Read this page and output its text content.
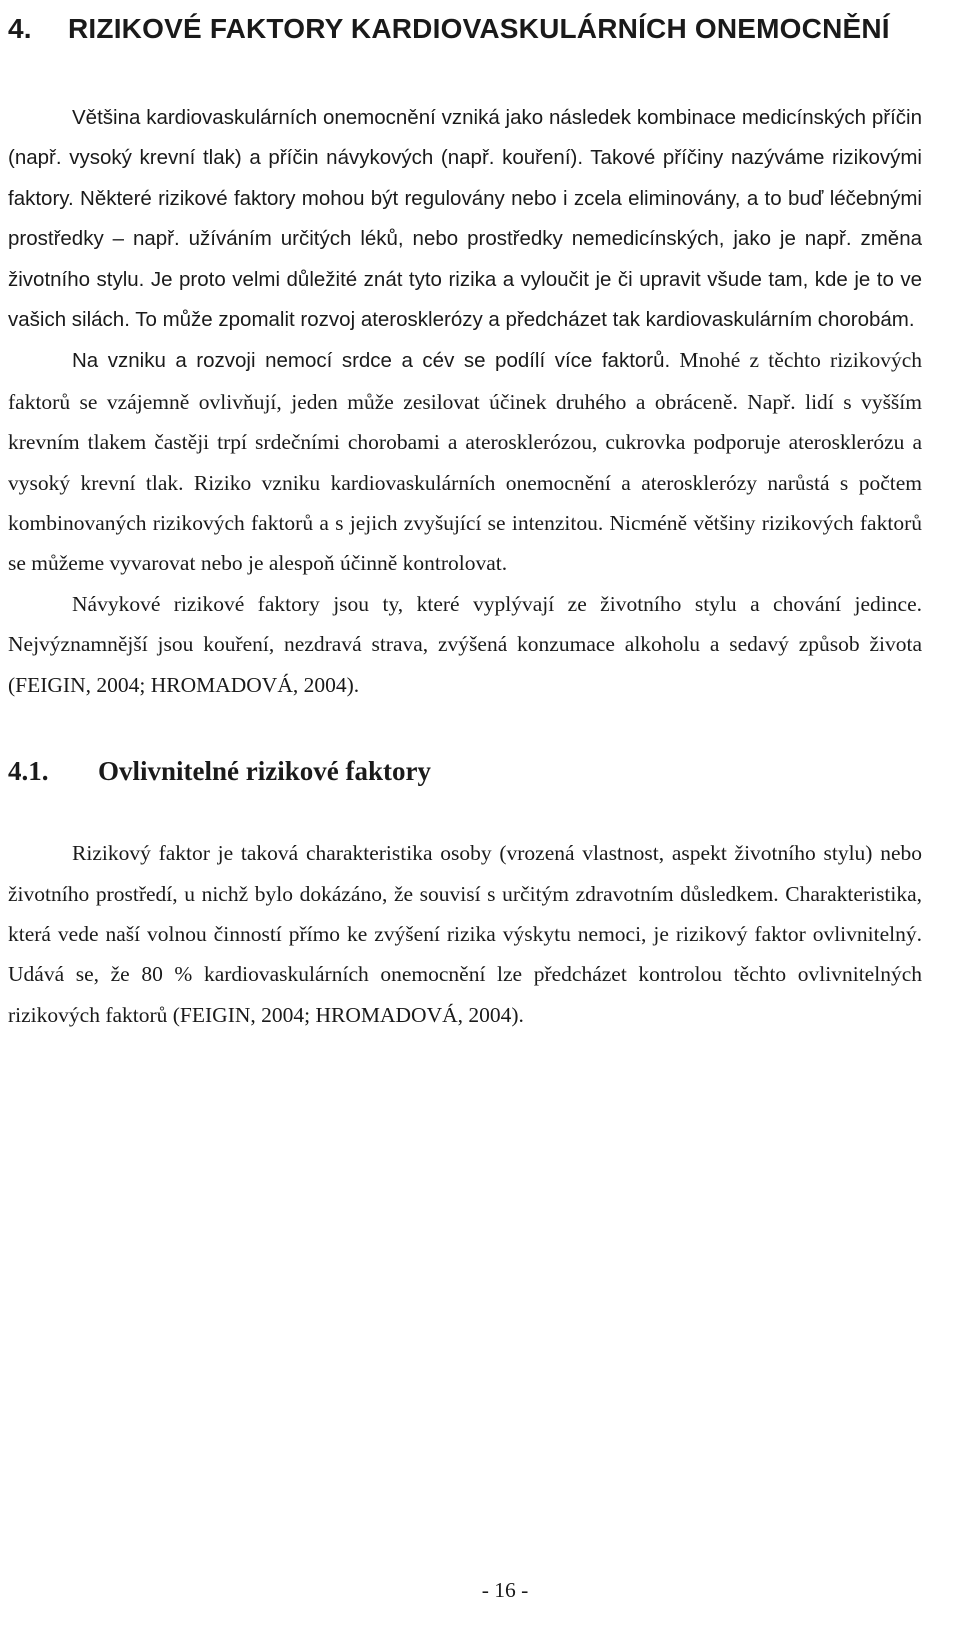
4. RIZIKOVÉ FAKTORY KARDIOVASKULÁRNÍCH ONEMOCNĚNÍ

Většina kardiovaskulárních onemocnění vzniká jako následek kombinace medicínských příčin (např. vysoký krevní tlak) a příčin návykových (např. kouření). Takové příčiny nazýváme rizikovými faktory. Některé rizikové faktory mohou být regulovány nebo i zcela eliminovány, a to buď léčebnými prostředky – např. užíváním určitých léků, nebo prostředky nemedicínských, jako je např. změna životního stylu. Je proto velmi důležité znát tyto rizika a vyloučit je či upravit všude tam, kde je to ve vašich silách. To může zpomalit rozvoj aterosklerózy a předcházet tak kardiovaskulárním chorobám.

Na vzniku a rozvoji nemocí srdce a cév se podílí více faktorů. Mnohé z těchto rizikových faktorů se vzájemně ovlivňují, jeden může zesilovat účinek druhého a obráceně. Např. lidí s vyšším krevním tlakem častěji trpí srdečními chorobami a aterosklerózou, cukrovka podporuje aterosklerózu a vysoký krevní tlak. Riziko vzniku kardiovaskulárních onemocnění a aterosklerózy narůstá s počtem kombinovaných rizikových faktorů a s jejich zvyšující se intenzitou. Nicméně většiny rizikových faktorů se můžeme vyvarovat nebo je alespoň účinně kontrolovat.

Návykové rizikové faktory jsou ty, které vyplývají ze životního stylu a chování jedince. Nejvýznamnější jsou kouření, nezdravá strava, zvýšená konzumace alkoholu a sedavý způsob života (FEIGIN, 2004; HROMADOVÁ, 2004).

4.1.	Ovlivnitelné rizikové faktory

Rizikový faktor je taková charakteristika osoby (vrozená vlastnost, aspekt životního stylu) nebo životního prostředí, u nichž bylo dokázáno, že souvisí s určitým zdravotním důsledkem. Charakteristika, která vede naší volnou činností přímo ke zvýšení rizika výskytu nemoci, je rizikový faktor ovlivnitelný. Udává se, že 80 % kardiovaskulárních onemocnění lze předcházet kontrolou těchto ovlivnitelných rizikových faktorů (FEIGIN, 2004; HROMADOVÁ, 2004).

- 16 -
